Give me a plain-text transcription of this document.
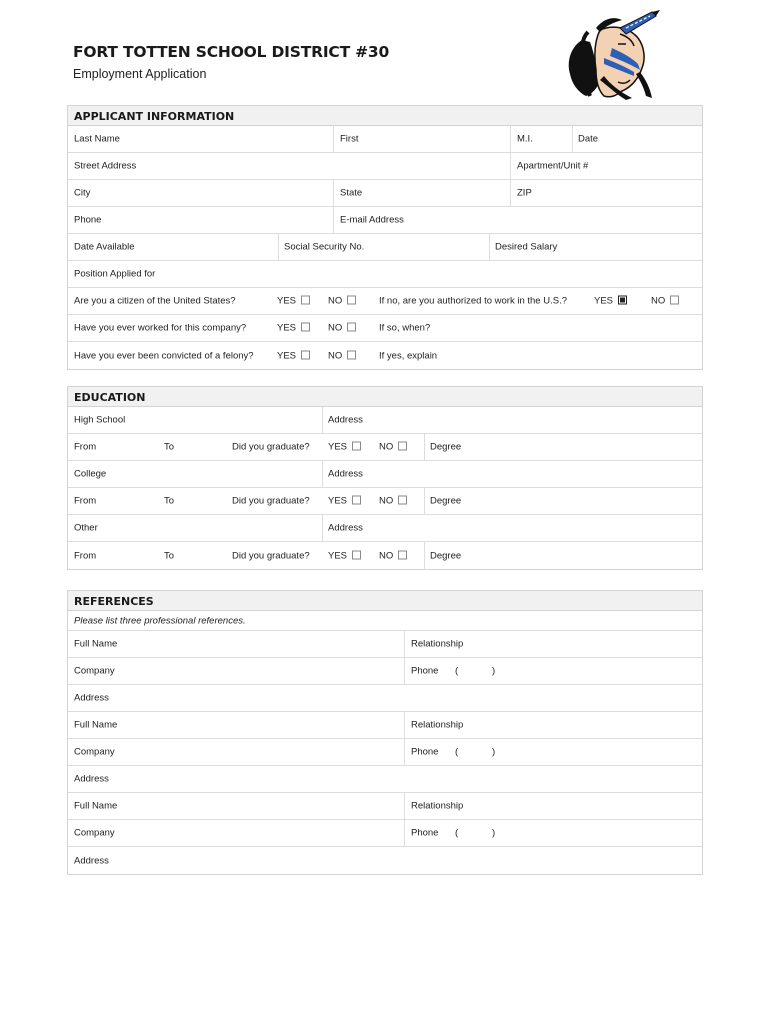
FORT TOTTEN SCHOOL DISTRICT #30
Employment Application
APPLICANT INFORMATION
Last Name	First	M.I.	Date
Street Address	Apartment/Unit #
City	State	ZIP
Phone	E-mail Address
Date Available	Social Security No.	Desired Salary
Position Applied for
Are you a citizen of the United States?	YES	NO	If no, are you authorized to work in the U.S.?	YES	NO
Have you ever worked for this company?	YES	NO	If so, when?
Have you ever been convicted of a felony? YES	NO	If yes, explain
EDUCATION
High School	Address
From	To	Did you graduate? YES	NO	Degree
College	Address
From	To	Did you graduate? YES	NO	Degree
Other	Address
From	To	Did you graduate? YES	NO	Degree
REFERENCES
Please list three professional references.
Full Name	Relationship
Company	Phone (	)
Address
Full Name	Relationship
Company	Phone (	)
Address
Full Name	Relationship
Company	Phone (	)
Address
